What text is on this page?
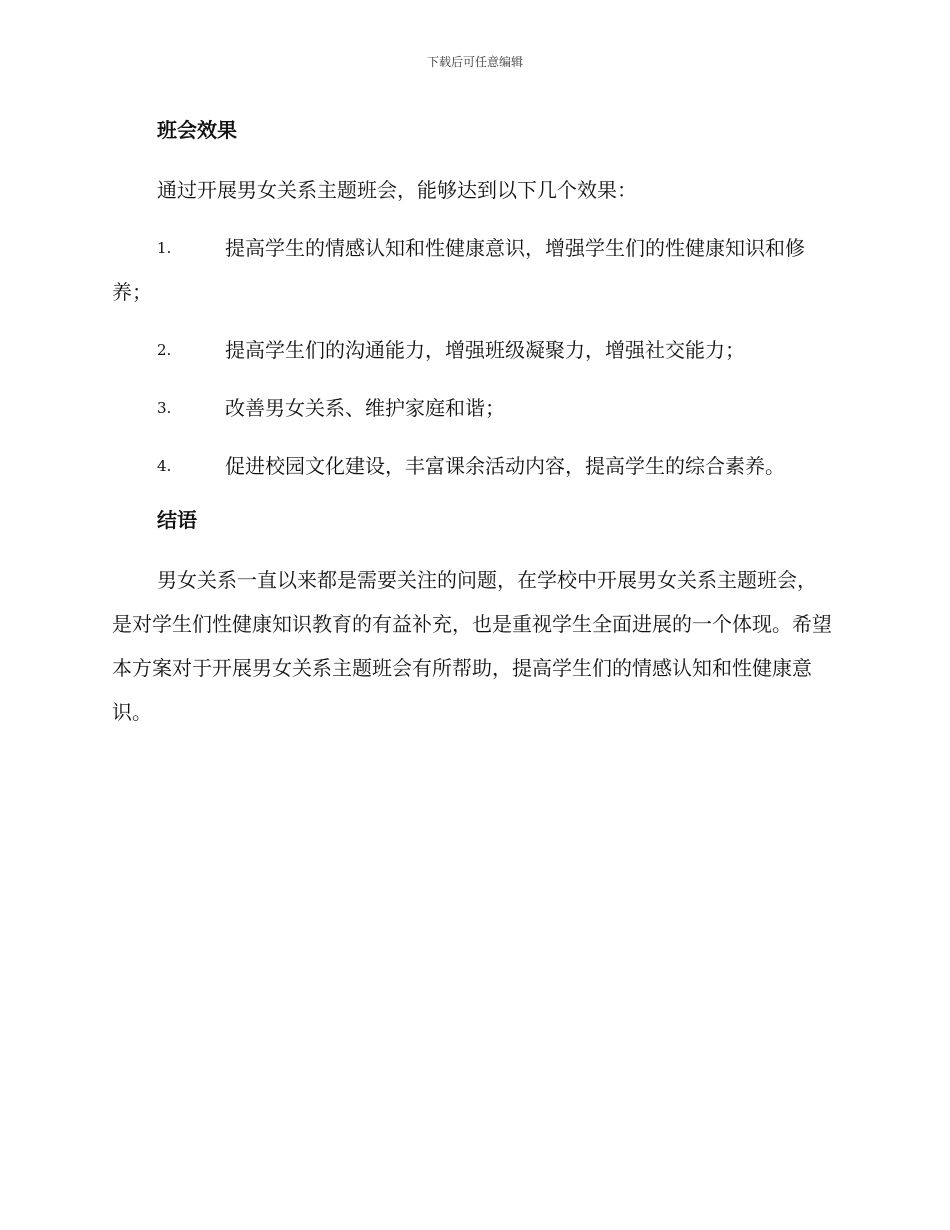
下载后可任意编辑
班会效果

通过开展男女关系主题班会，能够达到以下几个效果：

1.	提高学生的情感认知和性健康意识，增强学生们的性健康知识和修养；
2.	提高学生们的沟通能力，增强班级凝聚力，增强社交能力；
3.	改善男女关系、维护家庭和谐；
4.	促进校园文化建设，丰富课余活动内容，提高学生的综合素养。
结语

男女关系一直以来都是需要关注的问题，在学校中开展男女关系主题班会，是对学生们性健康知识教育的有益补充，也是重视学生全面进展的一个体现。希望本方案对于开展男女关系主题班会有所帮助，提高学生们的情感认知和性健康意识。
